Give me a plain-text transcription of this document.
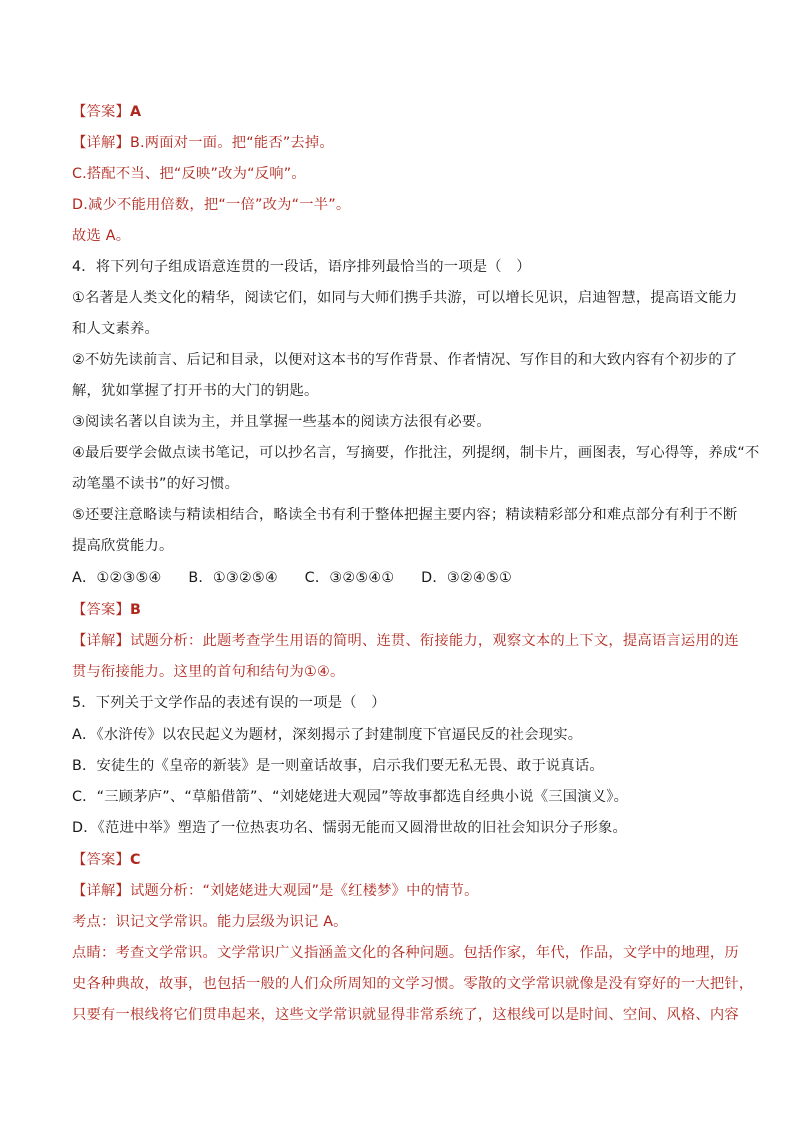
【答案】A
【详解】B.两面对一面。把“能否”去掉。
C.搭配不当、把“反映”改为“反响”。
D.减少不能用倍数，把“一倍”改为“一半”。
故选 A。
4．将下列句子组成语意连贯的一段话，语序排列最恰当的一项是（　）
①名著是人类文化的精华，阅读它们，如同与大师们携手共游，可以增长见识，启迪智慧，提高语文能力
和人文素养。
②不妨先读前言、后记和目录，以便对这本书的写作背景、作者情况、写作目的和大致内容有个初步的了
解，犹如掌握了打开书的大门的钥匙。
③阅读名著以自读为主，并且掌握一些基本的阅读方法很有必要。
④最后要学会做点读书笔记，可以抄名言，写摘要，作批注，列提纲，制卡片，画图表，写心得等，养成“不
动笔墨不读书”的好习惯。
⑤还要注意略读与精读相结合，略读全书有利于整体把握主要内容；精读精彩部分和难点部分有利于不断
提高欣赏能力。
A．①②③⑤④ B．①③②⑤④ C．③②⑤④① D．③②④⑤①
【答案】B
【详解】试题分析：此题考查学生用语的简明、连贯、衔接能力，观察文本的上下文，提高语言运用的连
贯与衔接能力。这里的首句和结句为①④。
5．下列关于文学作品的表述有误的一项是（　）
A．《水浒传》以农民起义为题材，深刻揭示了封建制度下官逼民反的社会现实。
B．安徒生的《皇帝的新装》是一则童话故事，启示我们要无私无畏、敢于说真话。
C．“三顾茅庐”、“草船借箭”、“刘姥姥进大观园”等故事都选自经典小说《三国演义》。
D．《范进中举》塑造了一位热衷功名、懦弱无能而又圆滑世故的旧社会知识分子形象。
【答案】C
【详解】试题分析：“刘姥姥进大观园”是《红楼梦》中的情节。
考点：识记文学常识。能力层级为识记 A。
点睛：考查文学常识。文学常识广义指涵盖文化的各种问题。包括作家，年代，作品，文学中的地理，历
史各种典故，故事，也包括一般的人们众所周知的文学习惯。零散的文学常识就像是没有穿好的一大把针，
只要有一根线将它们贯串起来，这些文学常识就显得非常系统了，这根线可以是时间、空间、风格、内容
